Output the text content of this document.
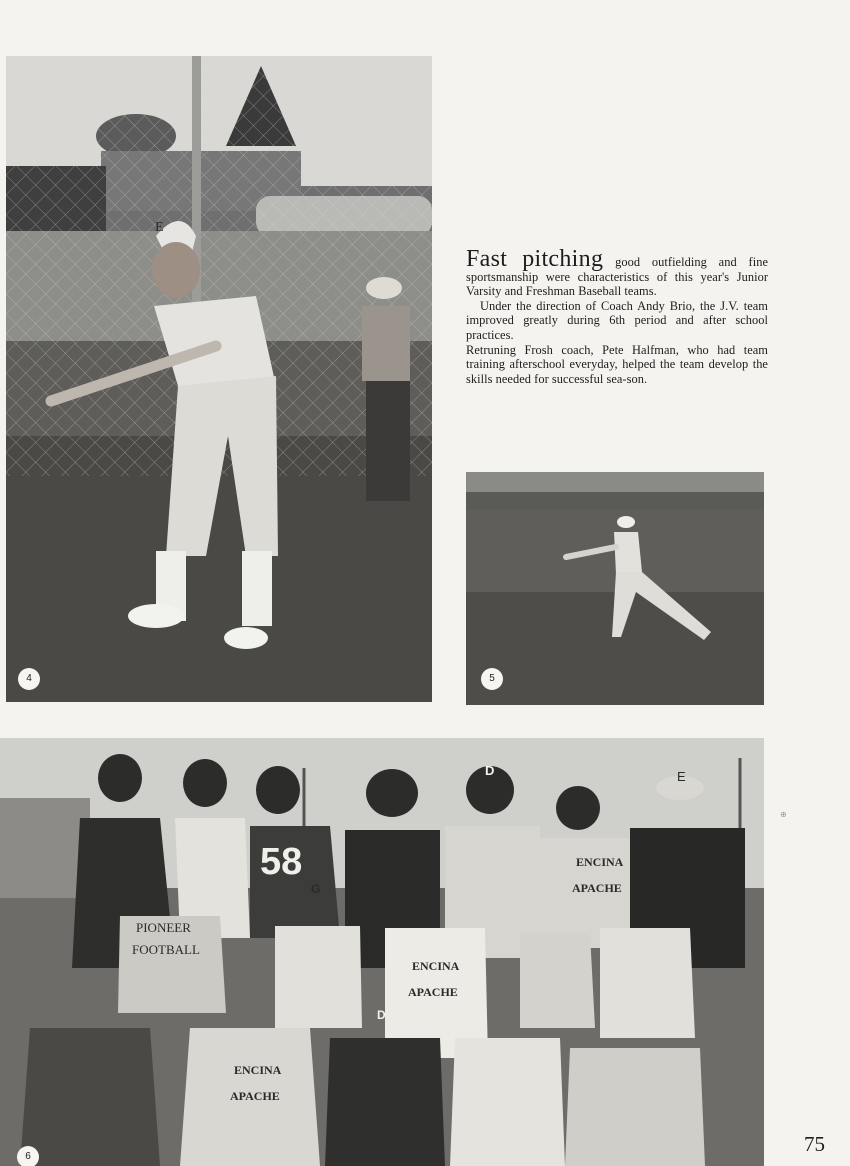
E
4

Fast pitching good outfielding and fine sportsmanship were characteristics of this year's Junior Varsity and Freshman Baseball teams.

Under the direction of Coach Andy Brio, the J.V. team improved greatly during 6th period and after school practices.

Retruning Frosh coach, Pete Halfman, who had team training afterschool everyday, helped the team develop the skills needed for successful sea-son.

5
D	E
58
G
D
PIONEER
FOOTBALL
ENCINA
APACHE
ENCINA
APACHE
ENCINA
APACHE
6
⊕
75
